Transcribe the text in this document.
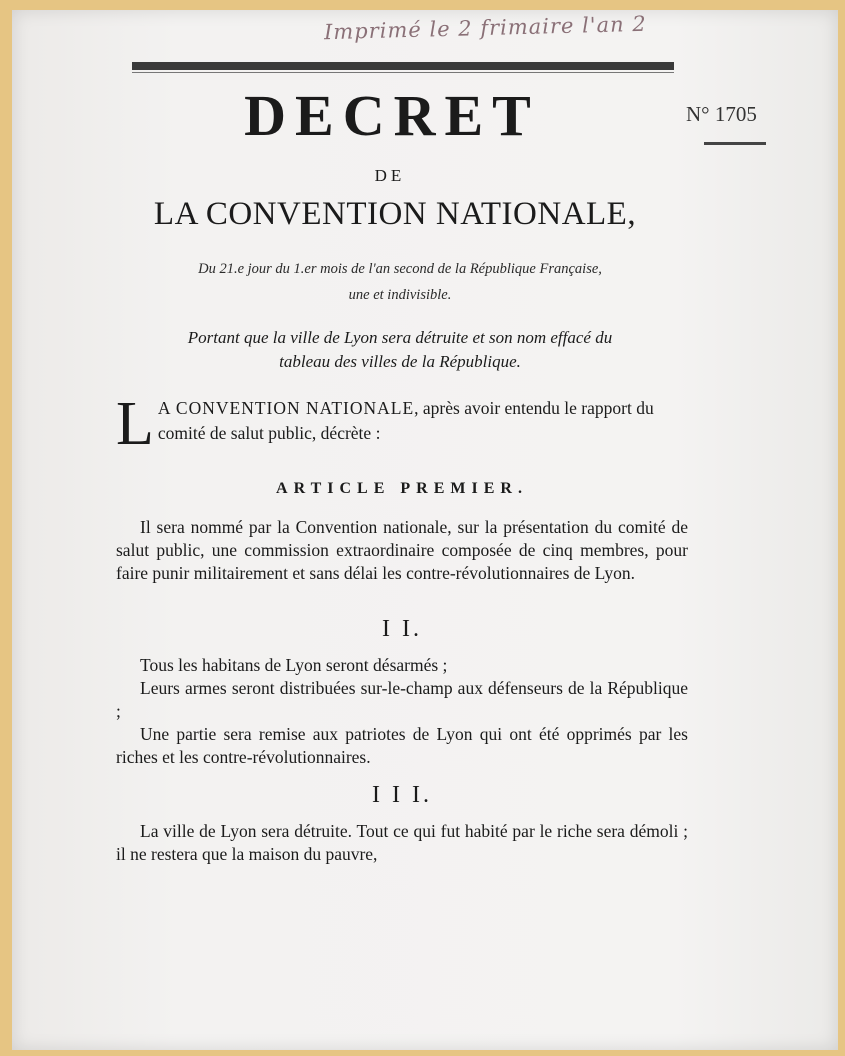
Imprimé le 2 frimaire l'an 2
DECRET	N° 1705
DE
LA CONVENTION NATIONALE,
Du 21.e jour du 1.er mois de l'an second de la République Française,
une et indivisible.
Portant que la ville de Lyon sera détruite et son nom effacé du
tableau des villes de la République.
L A CONVENTION NATIONALE, après avoir entendu le rapport du comité de salut public, décrète :
ARTICLE PREMIER.
Il sera nommé par la Convention nationale, sur la présentation du comité de salut public, une commission extraordinaire composée de cinq membres, pour faire punir militairement et sans délai les contre-révolutionnaires de Lyon.
I I.
Tous les habitans de Lyon seront désarmés ;
Leurs armes seront distribuées sur-le-champ aux défenseurs de la République ;
Une partie sera remise aux patriotes de Lyon qui ont été opprimés par les riches et les contre-révolutionnaires.
I I I.
La ville de Lyon sera détruite. Tout ce qui fut habité par le riche sera démoli ; il ne restera que la maison du pauvre,
